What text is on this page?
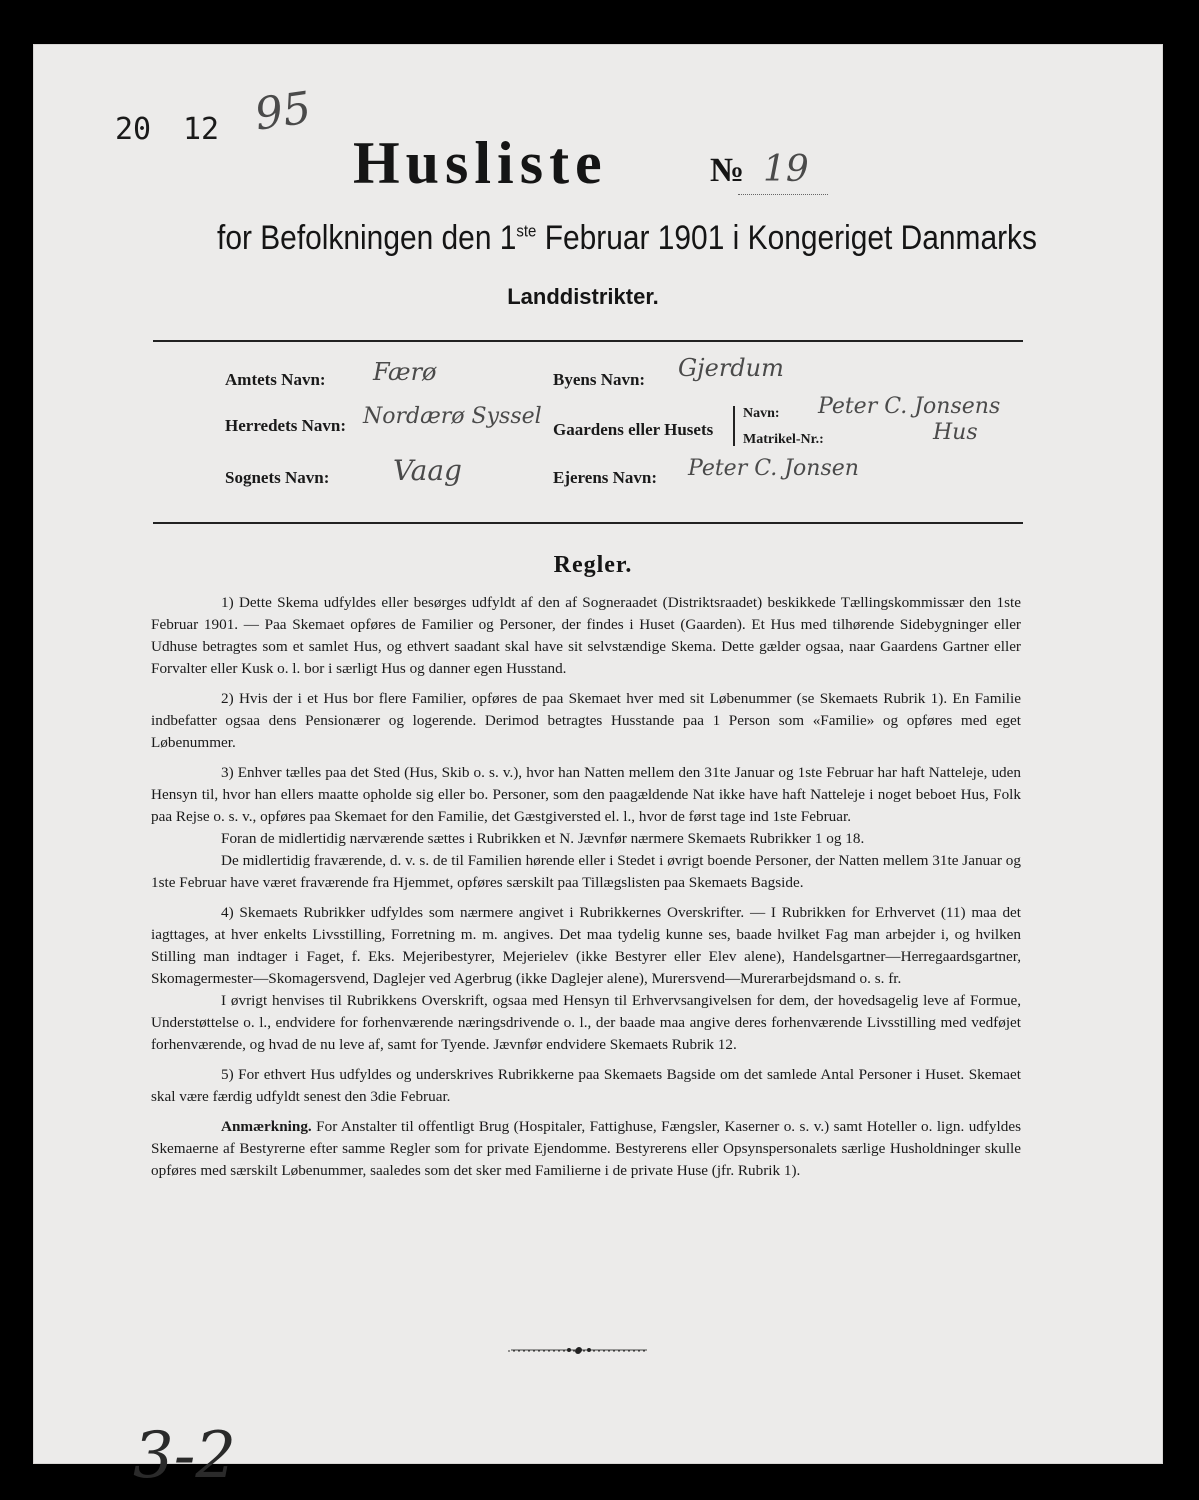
20 12 95
Husliste	№ 19
for Befolkningen den 1ste Februar 1901 i Kongeriget Danmarks
Landdistrikter.
Amtets Navn: Færø	Byens Navn: Gjerdum
Herredets Navn: Nordærø Syssel
Gaardens eller Husets
Navn: Peter C. Jonsens
Matrikel-Nr.:	Hus
Sognets Navn: Vaag	Ejerens Navn: Peter C. Jonsen
Regler.

1) Dette Skema udfyldes eller besørges udfyldt af den af Sogneraadet (Distriktsraadet) beskikkede Tællingskommissær den 1ste Februar 1901. — Paa Skemaet opføres de Familier og Personer, der findes i Huset (Gaarden). Et Hus med tilhørende Sidebygninger eller Udhuse betragtes som et samlet Hus, og ethvert saadant skal have sit selvstændige Skema. Dette gælder ogsaa, naar Gaardens Gartner eller Forvalter eller Kusk o. l. bor i særligt Hus og danner egen Husstand.

2) Hvis der i et Hus bor flere Familier, opføres de paa Skemaet hver med sit Løbenummer (se Skemaets Rubrik 1). En Familie indbefatter ogsaa dens Pensionærer og logerende. Derimod betragtes Husstande paa 1 Person som «Familie» og opføres med eget Løbenummer.

3) Enhver tælles paa det Sted (Hus, Skib o. s. v.), hvor han Natten mellem den 31te Januar og 1ste Februar har haft Natteleje, uden Hensyn til, hvor han ellers maatte opholde sig eller bo. Personer, som den paagældende Nat ikke have haft Natteleje i noget beboet Hus, Folk paa Rejse o. s. v., opføres paa Skemaet for den Familie, det Gæstgiversted el. l., hvor de først tage ind 1ste Februar.

Foran de midlertidig nærværende sættes i Rubrikken et N. Jævnfør nærmere Skemaets Rubrikker 1 og 18.

De midlertidig fraværende, d. v. s. de til Familien hørende eller i Stedet i øvrigt boende Personer, der Natten mellem 31te Januar og 1ste Februar have været fraværende fra Hjemmet, opføres særskilt paa Tillægslisten paa Skemaets Bagside.

4) Skemaets Rubrikker udfyldes som nærmere angivet i Rubrikkernes Overskrifter. — I Rubrikken for Erhvervet (11) maa det iagttages, at hver enkelts Livsstilling, Forretning m. m. angives. Det maa tydelig kunne ses, baade hvilket Fag man arbejder i, og hvilken Stilling man indtager i Faget, f. Eks. Mejeribestyrer, Mejerielev (ikke Bestyrer eller Elev alene), Handelsgartner—Herregaardsgartner, Skomagermester—Skomagersvend, Daglejer ved Agerbrug (ikke Daglejer alene), Murersvend—Murerarbejdsmand o. s. fr.

I øvrigt henvises til Rubrikkens Overskrift, ogsaa med Hensyn til Erhvervsangivelsen for dem, der hovedsagelig leve af Formue, Understøttelse o. l., endvidere for forhenværende næringsdrivende o. l., der baade maa angive deres forhenværende Livsstilling med vedføjet forhenværende, og hvad de nu leve af, samt for Tyende. Jævnfør endvidere Skemaets Rubrik 12.

5) For ethvert Hus udfyldes og underskrives Rubrikkerne paa Skemaets Bagside om det samlede Antal Personer i Huset. Skemaet skal være færdig udfyldt senest den 3die Februar.

Anmærkning. For Anstalter til offentligt Brug (Hospitaler, Fattighuse, Fængsler, Kaserner o. s. v.) samt Hoteller o. lign. udfyldes Skemaerne af Bestyrerne efter samme Regler som for private Ejendomme. Bestyrerens eller Opsynspersonalets særlige Husholdninger skulle opføres med særskilt Løbenummer, saaledes som det sker med Familierne i de private Huse (jfr. Rubrik 1).

3-2
